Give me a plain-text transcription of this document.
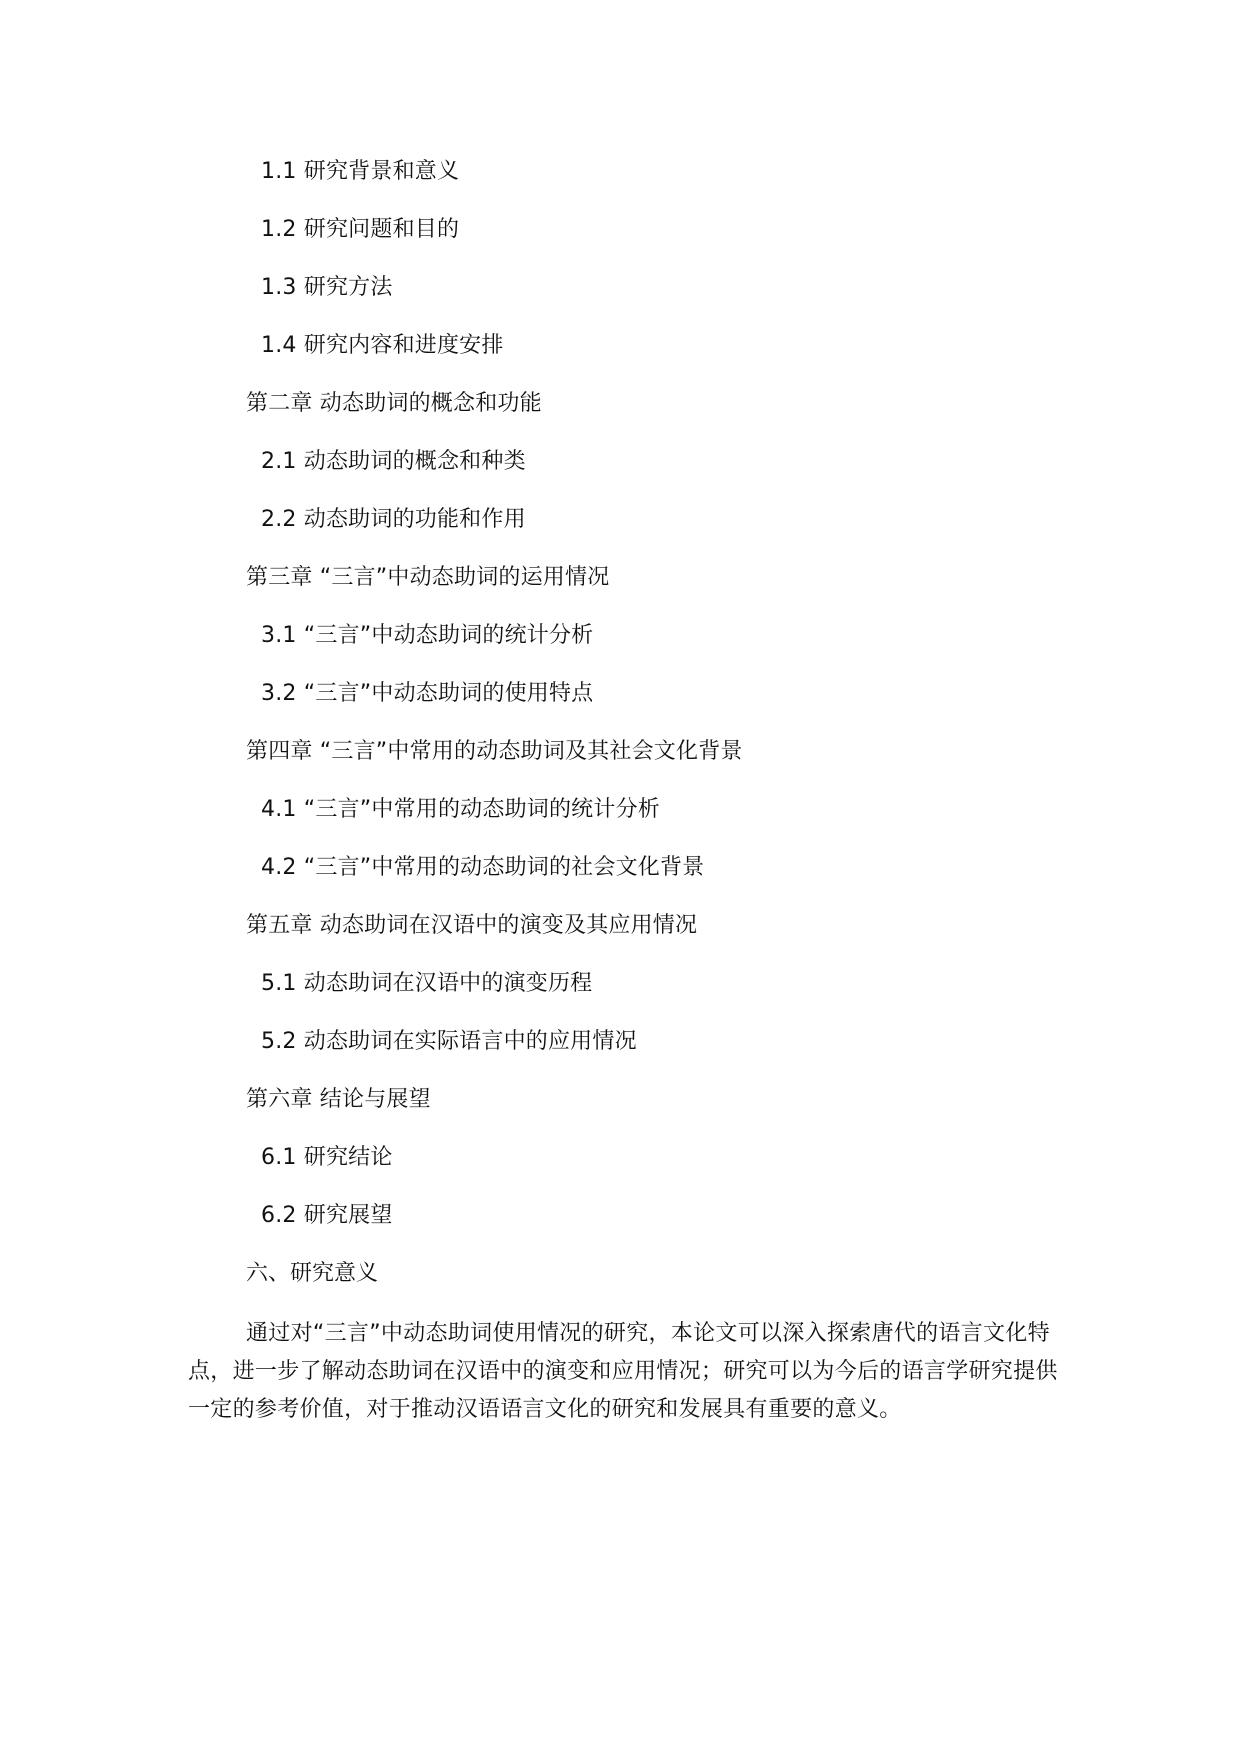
1.1 研究背景和意义
1.2 研究问题和目的
1.3 研究方法
1.4 研究内容和进度安排
第二章 动态助词的概念和功能
2.1 动态助词的概念和种类
2.2 动态助词的功能和作用
第三章 “三言”中动态助词的运用情况
3.1 “三言”中动态助词的统计分析
3.2 “三言”中动态助词的使用特点
第四章 “三言”中常用的动态助词及其社会文化背景
4.1 “三言”中常用的动态助词的统计分析
4.2 “三言”中常用的动态助词的社会文化背景
第五章 动态助词在汉语中的演变及其应用情况
5.1 动态助词在汉语中的演变历程
5.2 动态助词在实际语言中的应用情况
第六章 结论与展望
6.1 研究结论
6.2 研究展望
六、研究意义

通过对“三言”中动态助词使用情况的研究，本论文可以深入探索唐代的语言文化特点，进一步了解动态助词在汉语中的演变和应用情况；研究可以为今后的语言学研究提供一定的参考价值，对于推动汉语语言文化的研究和发展具有重要的意义。
